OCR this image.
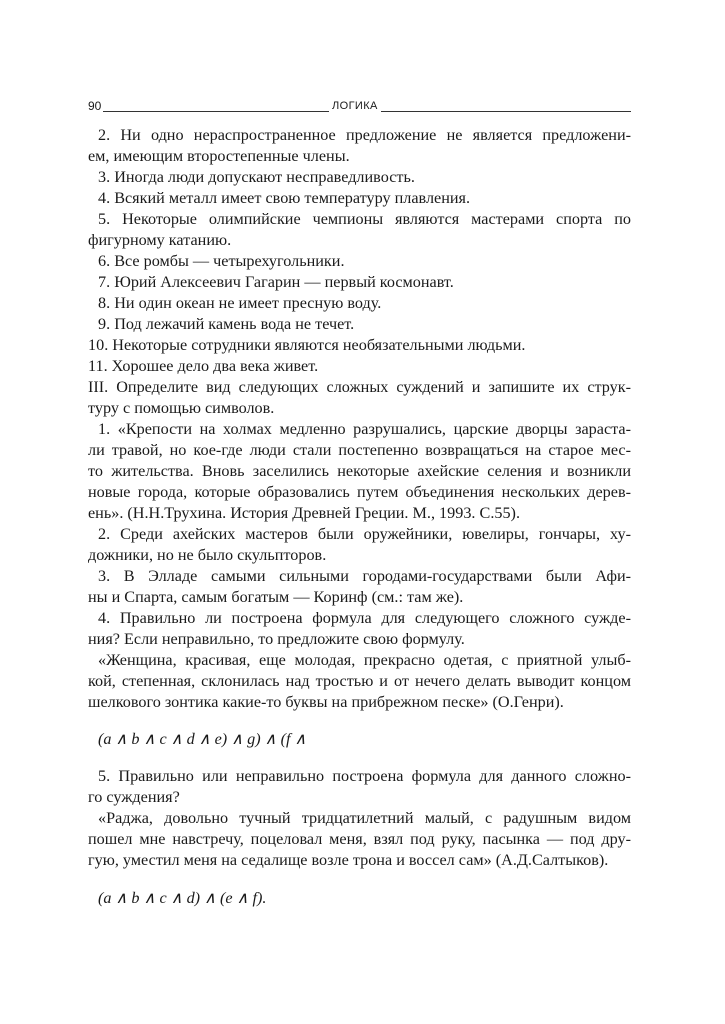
90	ЛОГИКА
2. Ни одно нераспространенное предложение не является предложени-
ем, имеющим второстепенные члены.
3. Иногда люди допускают несправедливость.
4. Всякий металл имеет свою температуру плавления.
5. Некоторые олимпийские чемпионы являются мастерами спорта по
фигурному катанию.
6. Все ромбы — четырехугольники.
7. Юрий Алексеевич Гагарин — первый космонавт.
8. Ни один океан не имеет пресную воду.
9. Под лежачий камень вода не течет.
10. Некоторые сотрудники являются необязательными людьми.
11. Хорошее дело два века живет.
III. Определите вид следующих сложных суждений и запишите их струк-
туру с помощью символов.
1. «Крепости на холмах медленно разрушались, царские дворцы зараста-
ли травой, но кое-где люди стали постепенно возвращаться на старое мес-
то жительства. Вновь заселились некоторые ахейские селения и возникли
новые города, которые образовались путем объединения нескольких дерев-
ень». (Н.Н.Трухина. История Древней Греции. М., 1993. С.55).
2. Среди ахейских мастеров были оружейники, ювелиры, гончары, ху-
дожники, но не было скульпторов.
3. В Элладе самыми сильными городами-государствами были Афи-
ны и Спарта, самым богатым — Коринф (см.: там же).
4. Правильно ли построена формула для следующего сложного сужде-
ния? Если неправильно, то предложите свою формулу.
«Женщина, красивая, еще молодая, прекрасно одетая, с приятной улыб-
кой, степенная, склонилась над тростью и от нечего делать выводит концом
шелкового зонтика какие-то буквы на прибрежном песке» (О.Генри).
(a ∧ b ∧ c ∧ d ∧ e) ∧ g) ∧ (f ∧
5. Правильно или неправильно построена формула для данного сложно-
го суждения?
«Раджа, довольно тучный тридцатилетний малый, с радушным видом
пошел мне навстречу, поцеловал меня, взял под руку, пасынка — под дру-
гую, уместил меня на седалище возле трона и воссел сам» (А.Д.Салтыков).
(a ∧ b ∧ c ∧ d) ∧ (e ∧ f).
